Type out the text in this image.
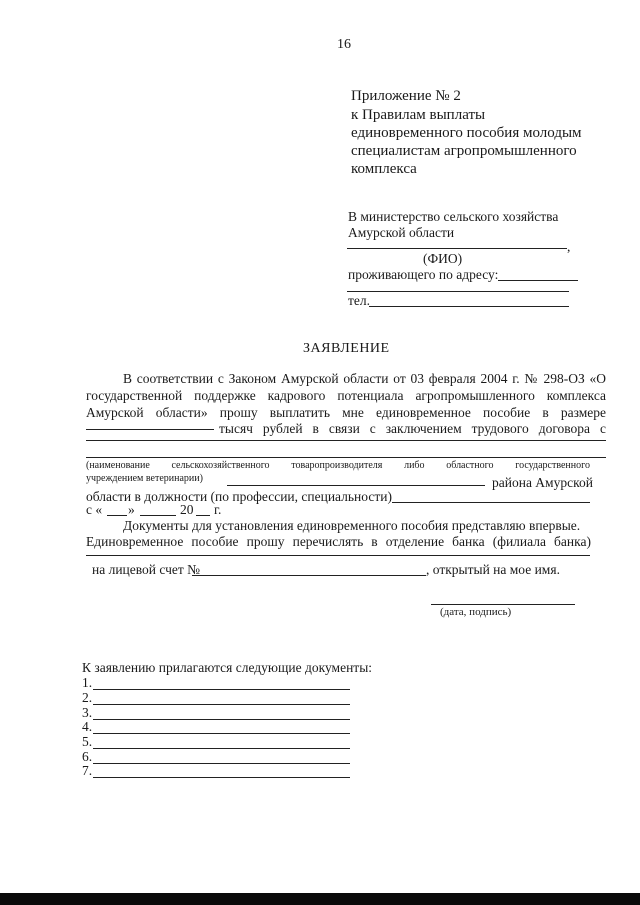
16
Приложение № 2
к Правилам выплаты
единовременного пособия молодым
специалистам агропромышленного
комплекса
В министерство сельского хозяйства
Амурской области
,
(ФИО)
проживающего по адресу:
тел.
ЗАЯВЛЕНИЕ
В соответствии с Законом Амурской области от 03 февраля 2004 г. № 298-ОЗ «О
государственной поддержке кадрового потенциала агропромышленного комплекса
Амурской области» прошу выплатить мне единовременное пособие в размере
тысяч рублей в связи с заключением трудового договора с
(наименование сельскохозяйственного товаропроизводителя либо областного государственного
учреждением ветеринарии)	района Амурской
области в должности (по профессии, специальности)
с « »	20 г.
Документы для установления единовременного пособия представляю впервые.
Единовременное пособие прошу перечислять в отделение банка (филиала банка)
на лицевой счет №	, открытый на мое имя.
(дата, подпись)
К заявлению прилагаются следующие документы:
1.
2.
3.
4.
5.
6.
7.
